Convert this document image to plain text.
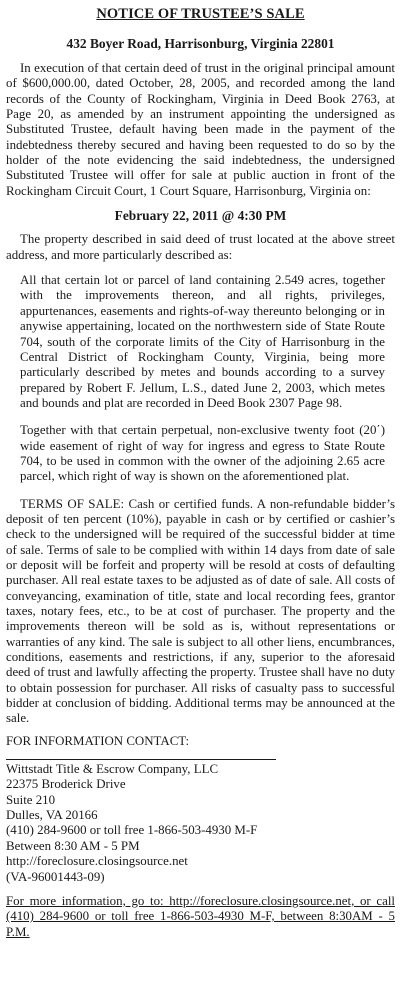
NOTICE OF TRUSTEE’S SALE
432 Boyer Road, Harrisonburg, Virginia 22801

In execution of that certain deed of trust in the original principal amount of $600,000.00, dated October, 28, 2005, and recorded among the land records of the County of Rockingham, Virginia in Deed Book 2763, at Page 20, as amended by an instrument appointing the undersigned as Substituted Trustee, default having been made in the payment of the indebtedness thereby secured and having been requested to do so by the holder of the note evidencing the said indebtedness, the undersigned Substituted Trustee will offer for sale at public auction in front of the Rockingham Circuit Court, 1 Court Square, Harrisonburg, Virginia on:

February 22, 2011 @ 4:30 PM

The property described in said deed of trust located at the above street address, and more particularly described as:

All that certain lot or parcel of land containing 2.549 acres, together with the improvements thereon, and all rights, privileges, appurtenances, easements and rights-of-way thereunto belonging or in anywise appertaining, located on the northwestern side of State Route 704, south of the corporate limits of the City of Harrisonburg in the Central District of Rockingham County, Virginia, being more particularly described by metes and bounds according to a survey prepared by Robert F. Jellum, L.S., dated June 2, 2003, which metes and bounds and plat are recorded in Deed Book 2307 Page 98.

Together with that certain perpetual, non-exclusive twenty foot (20΄) wide easement of right of way for ingress and egress to State Route 704, to be used in common with the owner of the adjoining 2.65 acre parcel, which right of way is shown on the aforementioned plat.

TERMS OF SALE: Cash or certified funds. A non-refundable bidder’s deposit of ten percent (10%), payable in cash or by certified or cashier’s check to the undersigned will be required of the successful bidder at time of sale. Terms of sale to be complied with within 14 days from date of sale or deposit will be forfeit and property will be resold at costs of defaulting purchaser. All real estate taxes to be adjusted as of date of sale. All costs of conveyancing, examination of title, state and local recording fees, grantor taxes, notary fees, etc., to be at cost of purchaser. The property and the improvements thereon will be sold as is, without representations or warranties of any kind. The sale is subject to all other liens, encumbrances, conditions, easements and restrictions, if any, superior to the aforesaid deed of trust and lawfully affecting the property. Trustee shall have no duty to obtain possession for purchaser. All risks of casualty pass to successful bidder at conclusion of bidding. Additional terms may be announced at the sale.

FOR INFORMATION CONTACT:
Wittstadt Title & Escrow Company, LLC
22375 Broderick Drive
Suite 210
Dulles, VA 20166
(410) 284-9600 or toll free 1-866-503-4930 M-F
Between 8:30 AM - 5 PM
http://foreclosure.closingsource.net
(VA-96001443-09)

For more information, go to: http://foreclosure.closingsource.net, or call (410) 284-9600 or toll free 1-866-503-4930 M-F, between 8:30AM - 5 P.M.
